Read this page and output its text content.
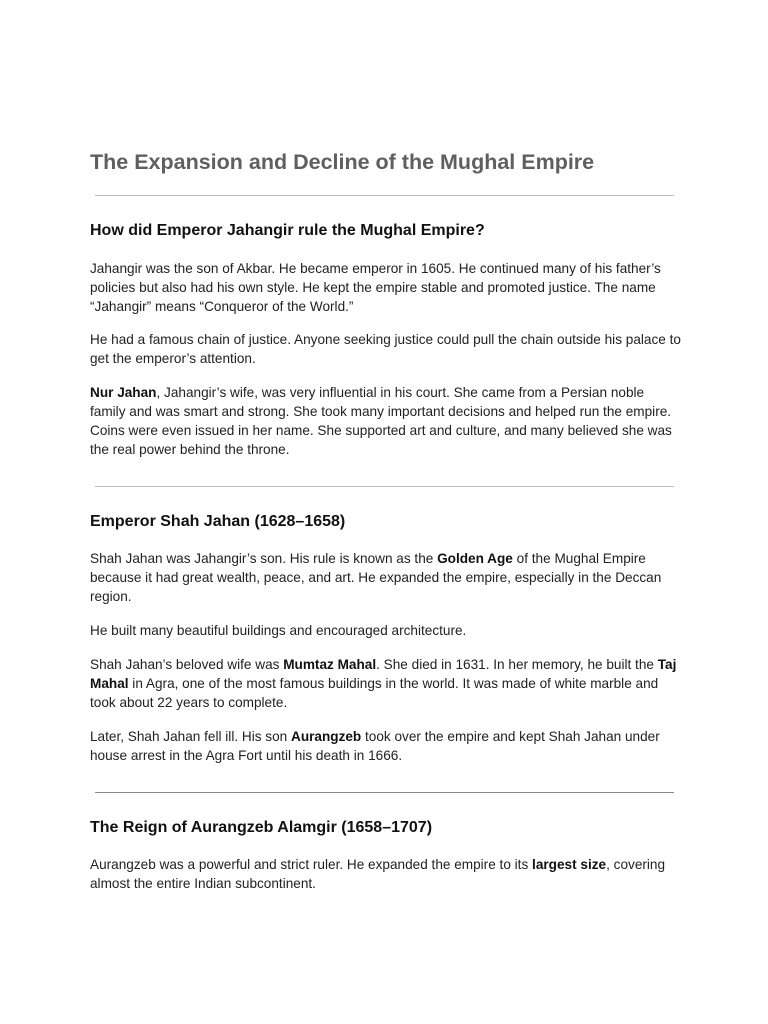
The Expansion and Decline of the Mughal Empire
How did Emperor Jahangir rule the Mughal Empire?

Jahangir was the son of Akbar. He became emperor in 1605. He continued many of his father’s policies but also had his own style. He kept the empire stable and promoted justice. The name “Jahangir” means “Conqueror of the World.”

He had a famous chain of justice. Anyone seeking justice could pull the chain outside his palace to get the emperor’s attention.

Nur Jahan, Jahangir’s wife, was very influential in his court. She came from a Persian noble family and was smart and strong. She took many important decisions and helped run the empire. Coins were even issued in her name. She supported art and culture, and many believed she was the real power behind the throne.

Emperor Shah Jahan (1628–1658)

Shah Jahan was Jahangir’s son. His rule is known as the Golden Age of the Mughal Empire because it had great wealth, peace, and art. He expanded the empire, especially in the Deccan region.

He built many beautiful buildings and encouraged architecture.

Shah Jahan’s beloved wife was Mumtaz Mahal. She died in 1631. In her memory, he built the Taj Mahal in Agra, one of the most famous buildings in the world. It was made of white marble and took about 22 years to complete.

Later, Shah Jahan fell ill. His son Aurangzeb took over the empire and kept Shah Jahan under house arrest in the Agra Fort until his death in 1666.

The Reign of Aurangzeb Alamgir (1658–1707)

Aurangzeb was a powerful and strict ruler. He expanded the empire to its largest size, covering almost the entire Indian subcontinent.
